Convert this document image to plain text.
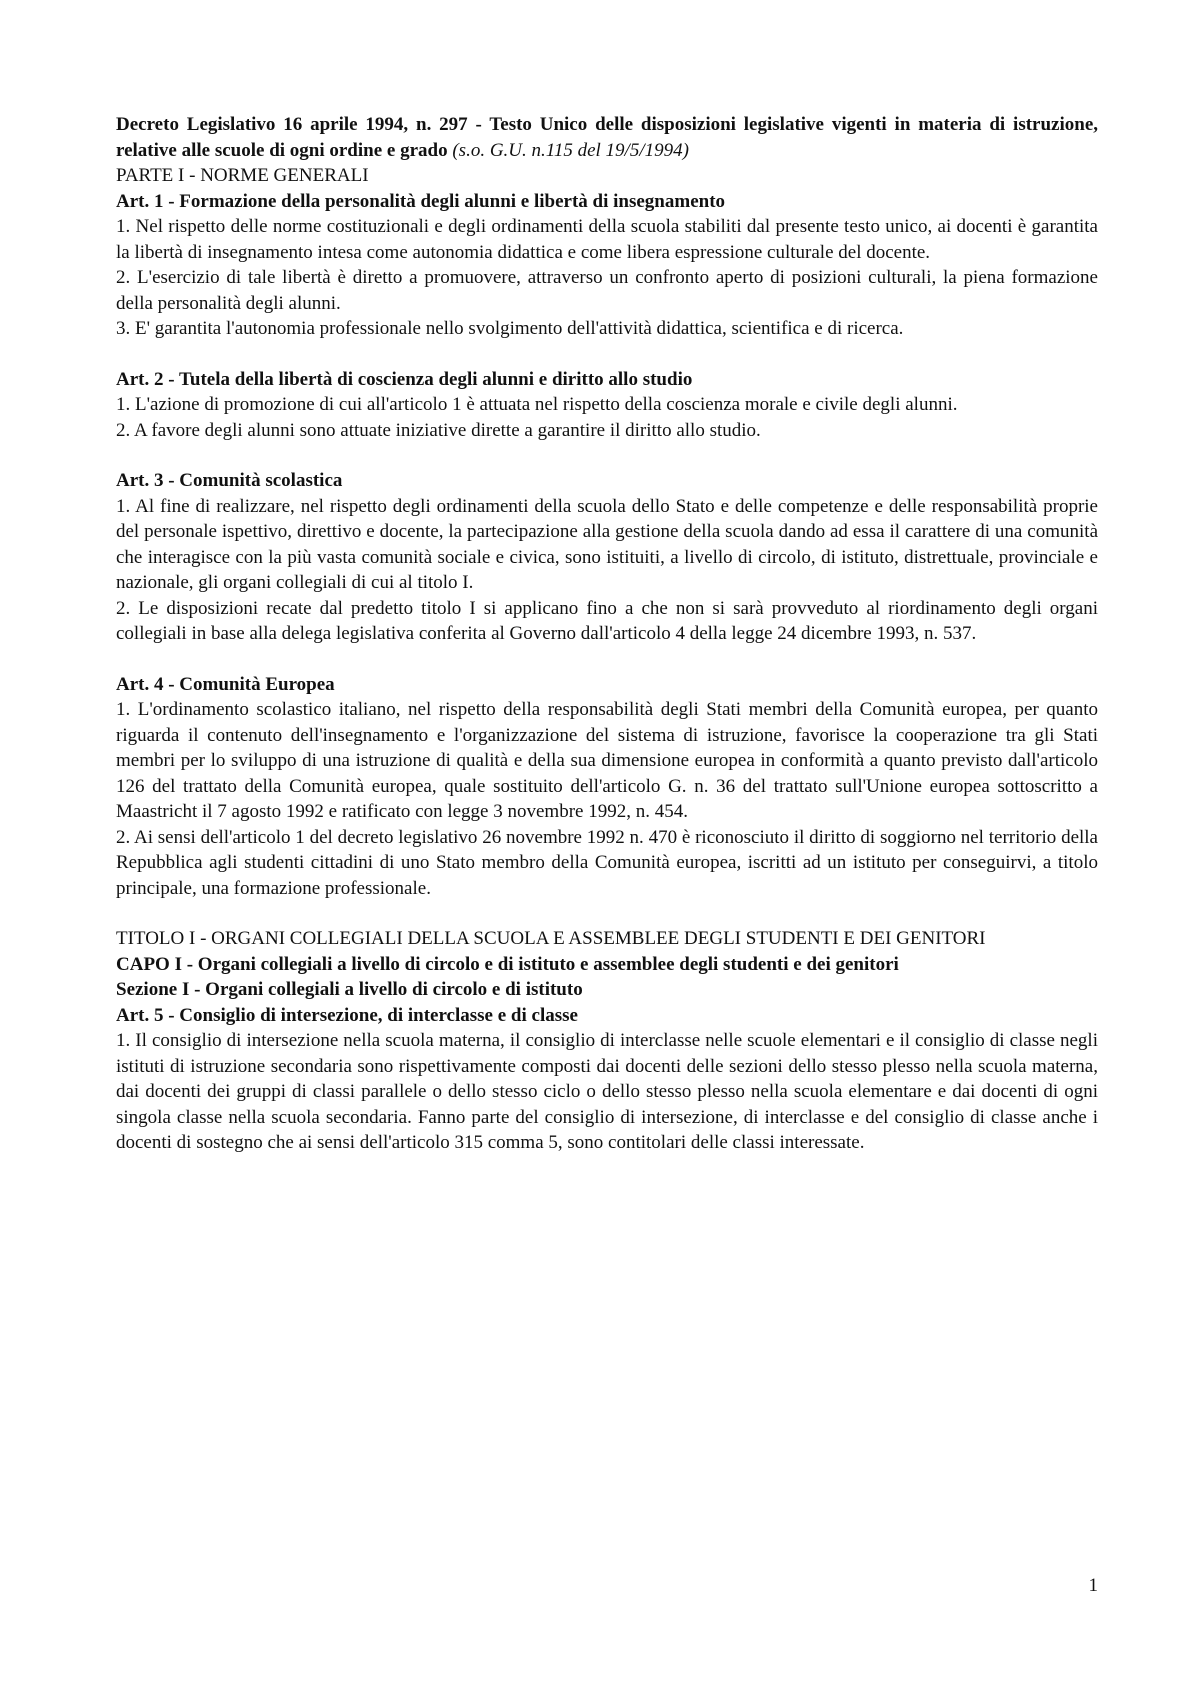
Decreto Legislativo 16 aprile 1994, n. 297 - Testo Unico delle disposizioni legislative vigenti in materia di istruzione, relative alle scuole di ogni ordine e grado (s.o. G.U. n.115 del 19/5/1994)

PARTE I - NORME GENERALI

Art. 1 - Formazione della personalità degli alunni e libertà di insegnamento

1. Nel rispetto delle norme costituzionali e degli ordinamenti della scuola stabiliti dal presente testo unico, ai docenti è garantita la libertà di insegnamento intesa come autonomia didattica e come libera espressione culturale del docente.

2. L'esercizio di tale libertà è diretto a promuovere, attraverso un confronto aperto di posizioni culturali, la piena formazione della personalità degli alunni.

3. E' garantita l'autonomia professionale nello svolgimento dell'attività didattica, scientifica e di ricerca.

Art. 2 - Tutela della libertà di coscienza degli alunni e diritto allo studio

1. L'azione di promozione di cui all'articolo 1 è attuata nel rispetto della coscienza morale e civile degli alunni.

2. A favore degli alunni sono attuate iniziative dirette a garantire il diritto allo studio.

Art. 3 - Comunità scolastica

1. Al fine di realizzare, nel rispetto degli ordinamenti della scuola dello Stato e delle competenze e delle responsabilità proprie del personale ispettivo, direttivo e docente, la partecipazione alla gestione della scuola dando ad essa il carattere di una comunità che interagisce con la più vasta comunità sociale e civica, sono istituiti, a livello di circolo, di istituto, distrettuale, provinciale e nazionale, gli organi collegiali di cui al titolo I.

2. Le disposizioni recate dal predetto titolo I si applicano fino a che non si sarà provveduto al riordinamento degli organi collegiali in base alla delega legislativa conferita al Governo dall'articolo 4 della legge 24 dicembre 1993, n. 537.

Art. 4 - Comunità Europea

1. L'ordinamento scolastico italiano, nel rispetto della responsabilità degli Stati membri della Comunità europea, per quanto riguarda il contenuto dell'insegnamento e l'organizzazione del sistema di istruzione, favorisce la cooperazione tra gli Stati membri per lo sviluppo di una istruzione di qualità e della sua dimensione europea in conformità a quanto previsto dall'articolo 126 del trattato della Comunità europea, quale sostituito dell'articolo G. n. 36 del trattato sull'Unione europea sottoscritto a Maastricht il 7 agosto 1992 e ratificato con legge 3 novembre 1992, n. 454.

2. Ai sensi dell'articolo 1 del decreto legislativo 26 novembre 1992 n. 470 è riconosciuto il diritto di soggiorno nel territorio della Repubblica agli studenti cittadini di uno Stato membro della Comunità europea, iscritti ad un istituto per conseguirvi, a titolo principale, una formazione professionale.

TITOLO I - ORGANI COLLEGIALI DELLA SCUOLA E ASSEMBLEE DEGLI STUDENTI E DEI GENITORI

CAPO I - Organi collegiali a livello di circolo e di istituto e assemblee degli studenti e dei genitori

Sezione I - Organi collegiali a livello di circolo e di istituto

Art. 5 - Consiglio di intersezione, di interclasse e di classe

1. Il consiglio di intersezione nella scuola materna, il consiglio di interclasse nelle scuole elementari e il consiglio di classe negli istituti di istruzione secondaria sono rispettivamente composti dai docenti delle sezioni dello stesso plesso nella scuola materna, dai docenti dei gruppi di classi parallele o dello stesso ciclo o dello stesso plesso nella scuola elementare e dai docenti di ogni singola classe nella scuola secondaria. Fanno parte del consiglio di intersezione, di interclasse e del consiglio di classe anche i docenti di sostegno che ai sensi dell'articolo 315 comma 5, sono contitolari delle classi interessate.

1
